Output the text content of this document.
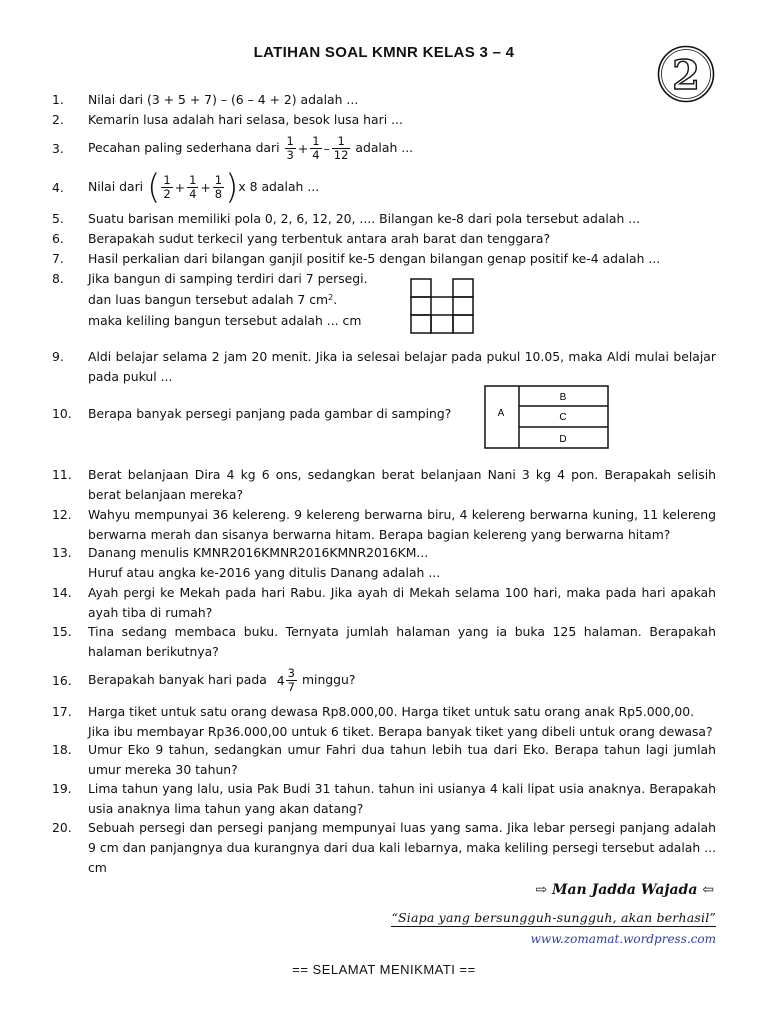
LATIHAN SOAL KMNR KELAS 3 – 4	2
1. Nilai dari (3 + 5 + 7) – (6 – 4 + 2) adalah ...
2. Kemarin lusa adalah hari selasa, besok lusa hari ...
3. Pecahan paling sederhana dari $\frac{1}{3} + \frac{1}{4} - \frac{1}{12}$ adalah ...
4. Nilai dari ( $\frac{1}{2} + \frac{1}{4} + \frac{1}{8} )x$ 8 adalah ...
5. Suatu barisan memiliki pola 0, 2, 6, 12, 20, .... Bilangan ke-8 dari pola tersebut adalah ...
6. Berapakah sudut terkecil yang terbentuk antara arah barat dan tenggara?
7. Hasil perkalian dari bilangan ganjil positif ke-5 dengan bilangan genap positif ke-4 adalah ...
8. Jika bangun di samping terdiri dari 7 persegi.
dan luas bangun tersebut adalah 7 $cm^2$.
maka keliling bangun tersebut adalah ... cm
9. Aldi belajar selama 2 jam 20 menit. Jika ia selesai belajar pada pukul 10.05, maka Aldi mulai belajar pada pukul ...
10. Berapa banyak persegi panjang pada gambar di samping?	A
B
C
D
11. Berat belanjaan Dira 4 kg 6 ons, sedangkan berat belanjaan Nani 3 kg 4 pon. Berapakah selisih berat belanjaan mereka?
12. Wahyu mempunyai 36 kelereng. 9 kelereng berwarna biru, 4 kelereng berwarna kuning, 11 kelereng berwarna merah dan sisanya berwarna hitam. Berapa bagian kelereng yang berwarna hitam?
13. Danang menulis KMNR2016KMNR2016KMNR2016KM...
Huruf atau angka ke-2016 yang ditulis Danang adalah ...
14. Ayah pergi ke Mekah pada hari Rabu. Jika ayah di Mekah selama 100 hari, maka pada hari apakah ayah tiba di rumah?
15. Tina sedang membaca buku. Ternyata jumlah halaman yang ia buka 125 halaman. Berapakah halaman berikutnya?
16. Berapakah banyak hari pada $4 \frac{3}{7}$ minggu?
17. Harga tiket untuk satu orang dewasa Rp8.000,00. Harga tiket untuk satu orang anak Rp5.000,00.
Jika ibu membayar Rp36.000,00 untuk 6 tiket. Berapa banyak tiket yang dibeli untuk orang dewasa?
18. Umur Eko 9 tahun, sedangkan umur Fahri dua tahun lebih tua dari Eko. Berapa tahun lagi jumlah umur mereka 30 tahun?
19. Lima tahun yang lalu, usia Pak Budi 31 tahun. tahun ini usianya 4 kali lipat usia anaknya. Berapakah usia anaknya lima tahun yang akan datang?
20. Sebuah persegi dan persegi panjang mempunyai luas yang sama. Jika lebar persegi panjang adalah 9 cm dan panjangnya dua kurangnya dari dua kali lebarnya, maka keliling persegi tersebut adalah ... cm
⇨ Man Jadda Wajada ⇦
“Siapa yang bersungguh-sungguh, akan berhasil”
www.zomamat.wordpress.com
== SELAMAT MENIKMATI ==
